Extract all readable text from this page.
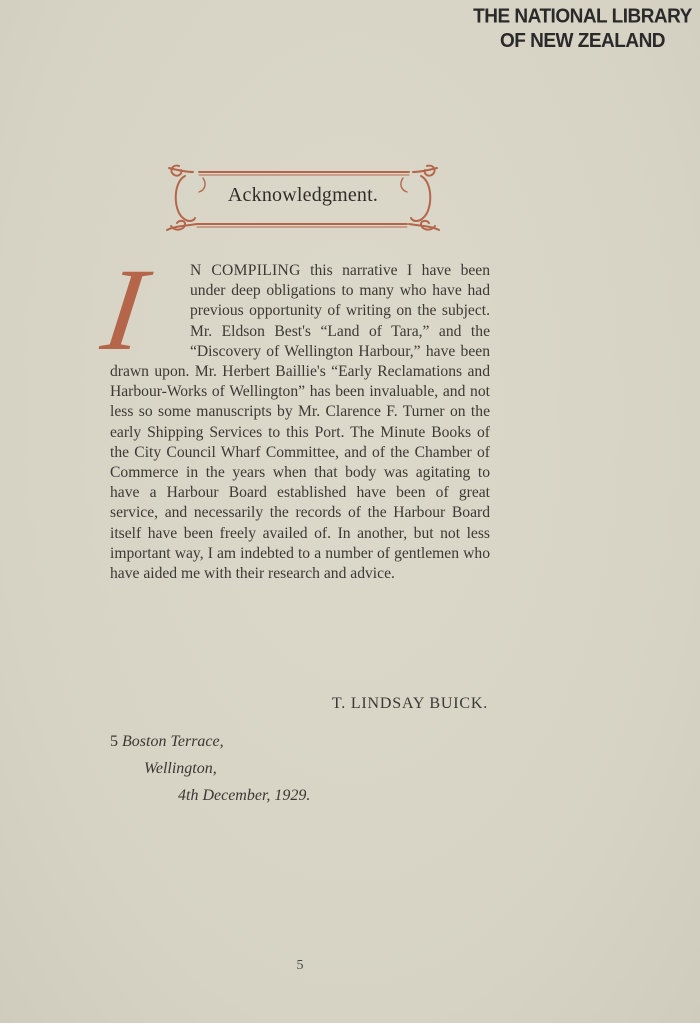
THE NATIONAL LIBRARY
OF NEW ZEALAND
Acknowledgment.
I	N COMPILING this narrative I have been under deep obligations to many who have had previous opportunity of writing on the subject. Mr. Eldson Best's “Land of Tara,” and the “Discovery of Wellington Harbour,” have been drawn upon. Mr. Herbert Baillie's “Early Reclamations and Harbour-Works of Wellington” has been invaluable, and not less so some manuscripts by Mr. Clarence F. Turner on the early Shipping Services to this Port. The Minute Books of the City Council Wharf Committee, and of the Chamber of Commerce in the years when that body was agitating to have a Harbour Board established have been of great service, and necessarily the records of the Harbour Board itself have been freely availed of. In another, but not less important way, I am indebted to a number of gentlemen who have aided me with their research and advice.
T. LINDSAY BUICK.
5 Boston Terrace,
Wellington,
4th December, 1929.
5
